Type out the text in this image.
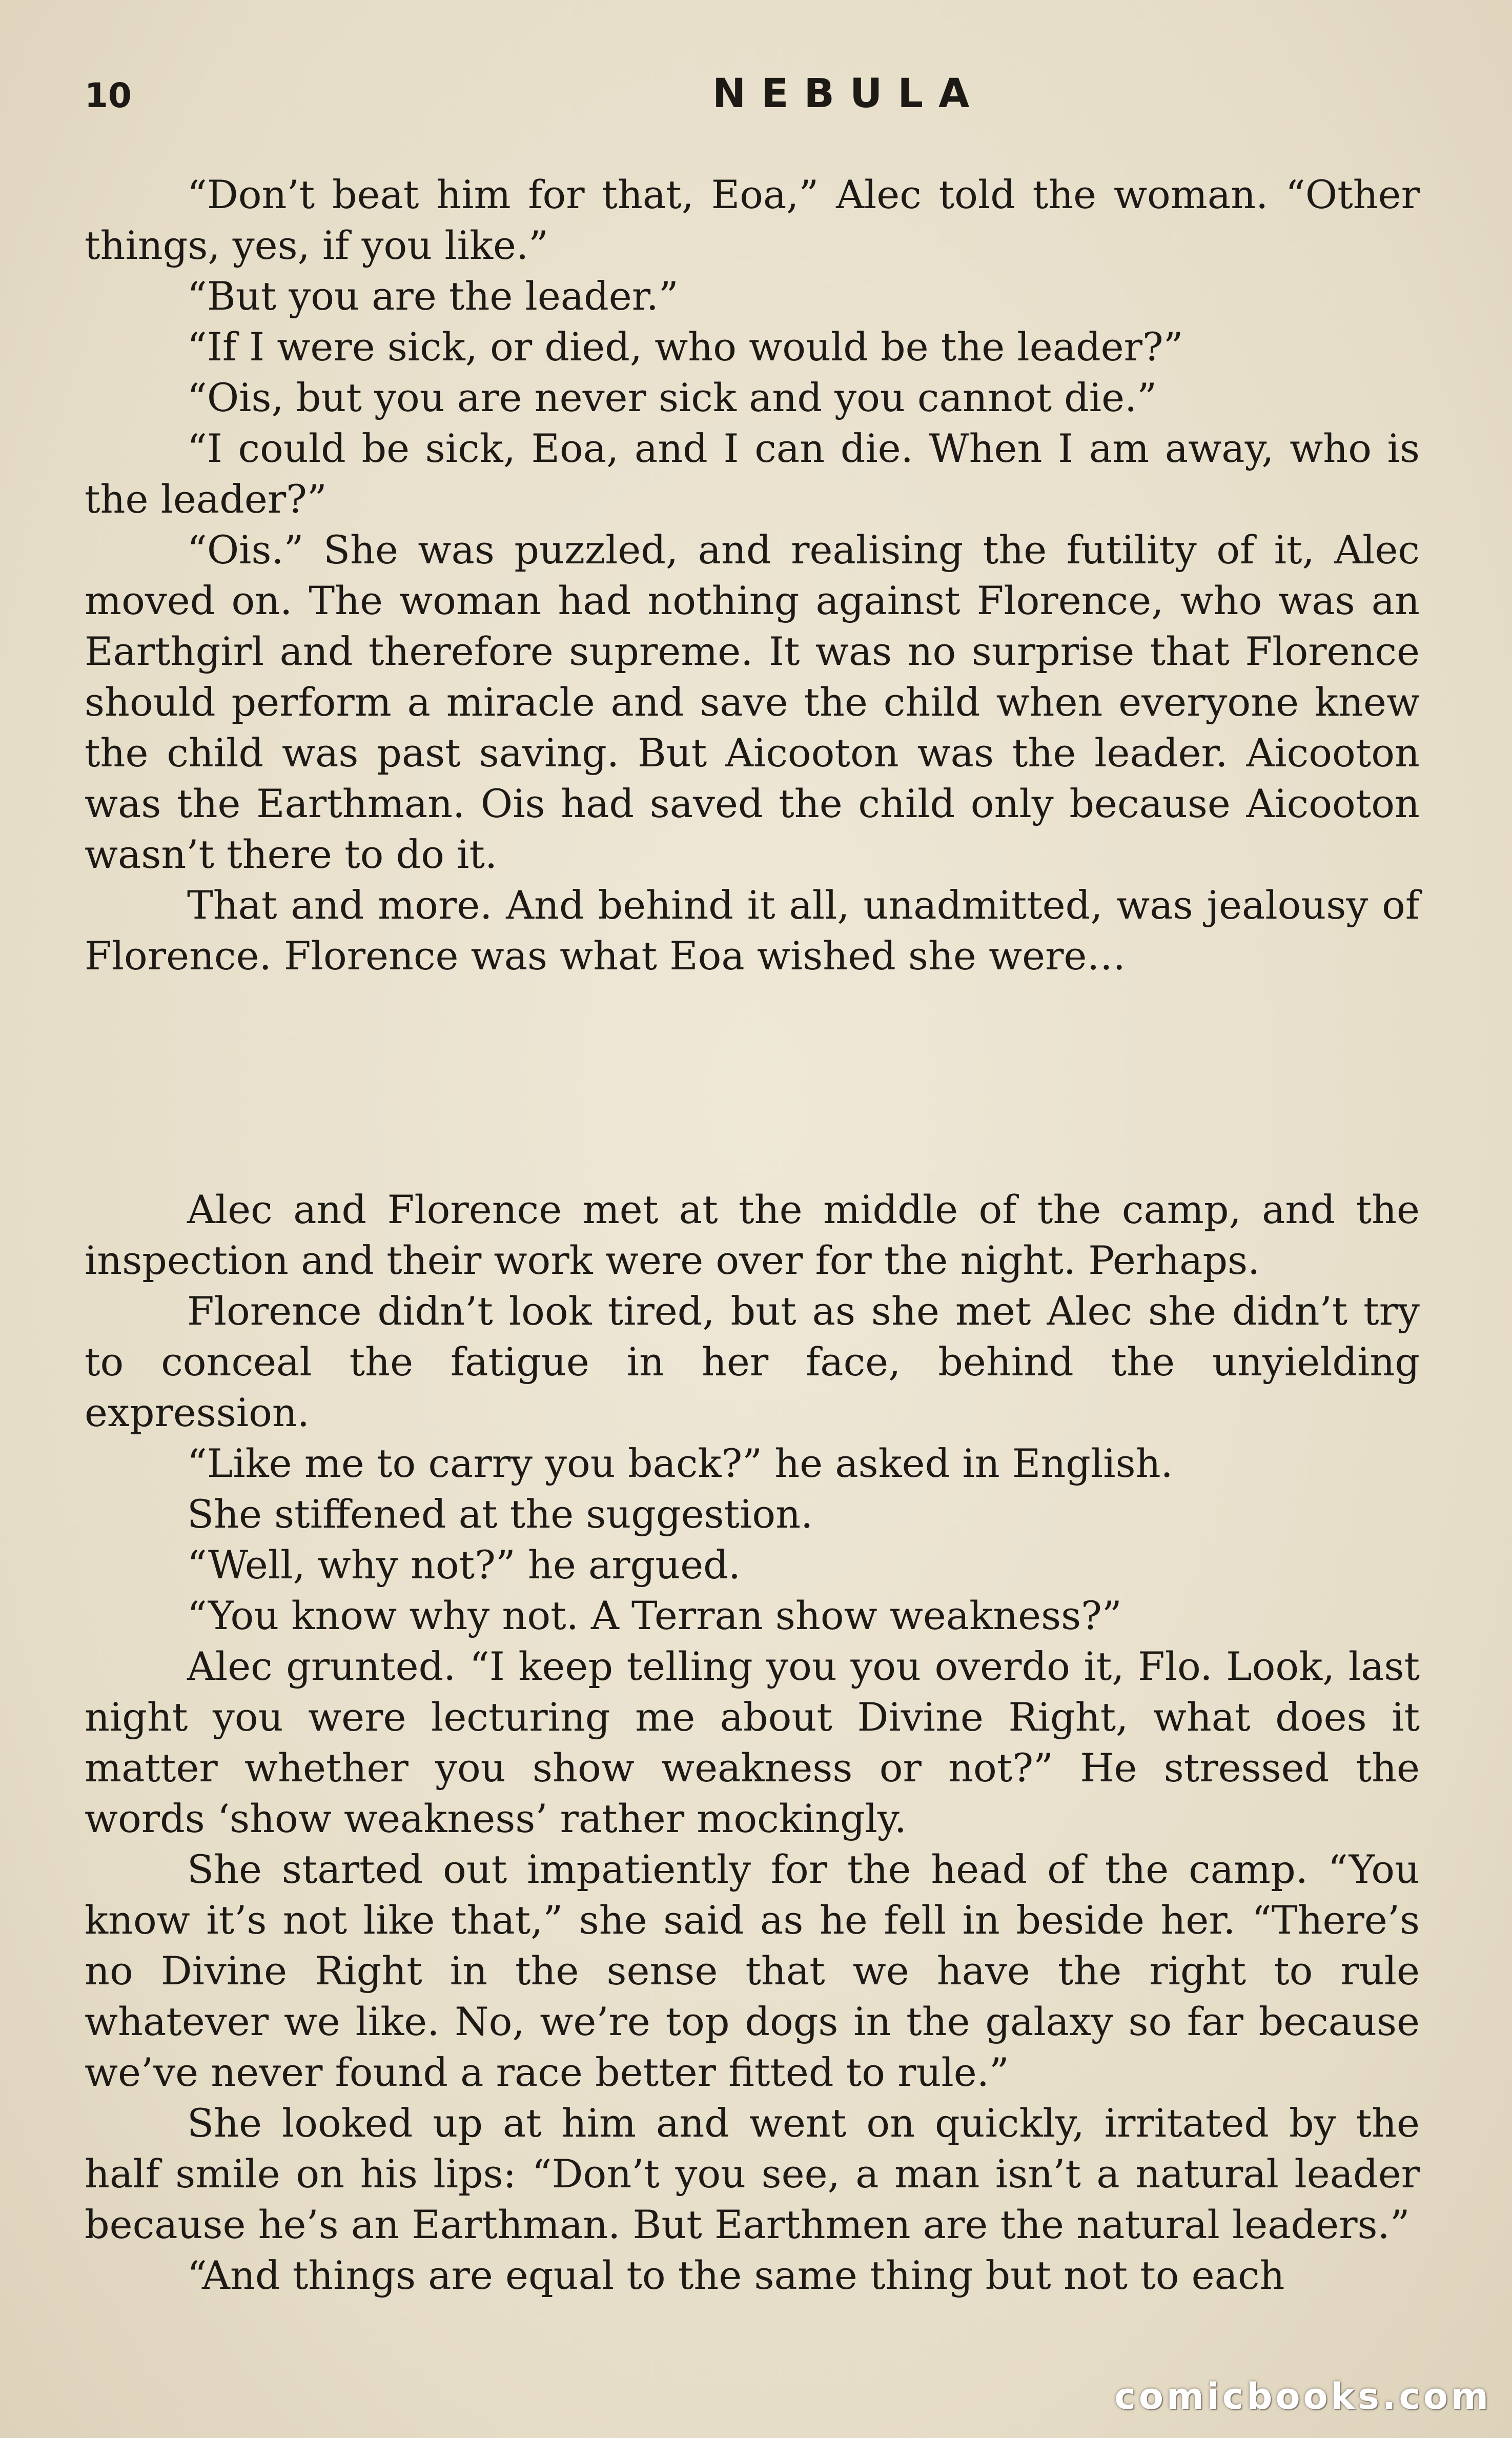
10	NEBULA

“Don’t beat him for that, Eoa,” Alec told the woman. “Other things, yes, if you like.”

“But you are the leader.”

“If I were sick, or died, who would be the leader?”

“Ois, but you are never sick and you cannot die.”

“I could be sick, Eoa, and I can die. When I am away, who is the leader?”

“Ois.” She was puzzled, and realising the futility of it, Alec moved on. The woman had nothing against Florence, who was an Earthgirl and therefore supreme. It was no surprise that Florence should perform a miracle and save the child when everyone knew the child was past saving. But Aicooton was the leader. Aicooton was the Earthman. Ois had saved the child only because Aicooton wasn’t there to do it.

That and more. And behind it all, unadmitted, was jealousy of Florence. Florence was what Eoa wished she were…

Alec and Florence met at the middle of the camp, and the inspection and their work were over for the night. Perhaps.

Florence didn’t look tired, but as she met Alec she didn’t try to conceal the fatigue in her face, behind the unyielding expression.

“Like me to carry you back?” he asked in English.

She stiffened at the suggestion.

“Well, why not?” he argued.

“You know why not. A Terran show weakness?”

Alec grunted. “I keep telling you you overdo it, Flo. Look, last night you were lecturing me about Divine Right, what does it matter whether you show weakness or not?” He stressed the words ‘show weakness’ rather mockingly.

She started out impatiently for the head of the camp. “You know it’s not like that,” she said as he fell in beside her. “There’s no Divine Right in the sense that we have the right to rule whatever we like. No, we’re top dogs in the galaxy so far because we’ve never found a race better fitted to rule.”

She looked up at him and went on quickly, irritated by the half smile on his lips: “Don’t you see, a man isn’t a natural leader because he’s an Earthman. But Earthmen are the natural leaders.”

“And things are equal to the same thing but not to each

comicbooks.com
